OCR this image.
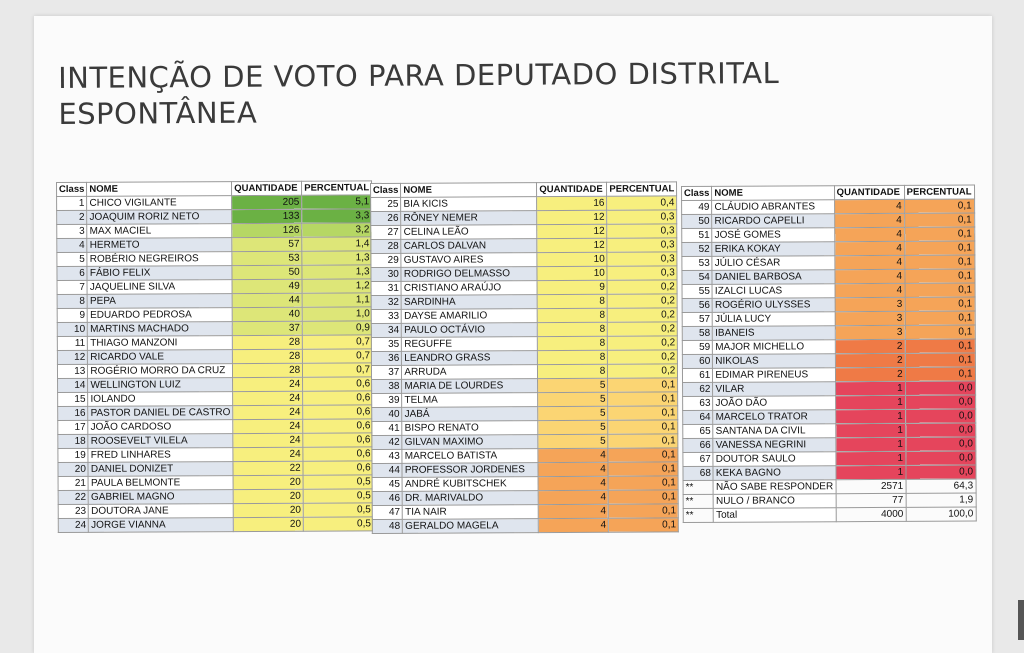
INTENÇÃO DE VOTO PARA DEPUTADO DISTRITAL
ESPONTÂNEA
Class	NOME	QUANTIDADE	PERCENTUAL
1	CHICO VIGILANTE	205	5,1
2	JOAQUIM RORIZ NETO	133	3,3
3	MAX MACIEL	126	3,2
4	HERMETO	57	1,4
5	ROBÉRIO NEGREIROS	53	1,3
6	FÁBIO FELIX	50	1,3
7	JAQUELINE SILVA	49	1,2
8	PEPA	44	1,1
9	EDUARDO PEDROSA	40	1,0
10	MARTINS MACHADO	37	0,9
11	THIAGO MANZONI	28	0,7
12	RICARDO VALE	28	0,7
13	ROGÉRIO MORRO DA CRUZ	28	0,7
14	WELLINGTON LUIZ	24	0,6
15	IOLANDO	24	0,6
16	PASTOR DANIEL DE CASTRO	24	0,6
17	JOÃO CARDOSO	24	0,6
18	ROOSEVELT VILELA	24	0,6
19	FRED LINHARES	24	0,6
20	DANIEL DONIZET	22	0,6
21	PAULA BELMONTE	20	0,5
22	GABRIEL MAGNO	20	0,5
23	DOUTORA JANE	20	0,5
24	JORGE VIANNA	20	0,5
Class	NOME	QUANTIDADE	PERCENTUAL
25	BIA KICIS	16	0,4
26	RÔNEY NEMER	12	0,3
27	CELINA LEÃO	12	0,3
28	CARLOS DALVAN	12	0,3
29	GUSTAVO AIRES	10	0,3
30	RODRIGO DELMASSO	10	0,3
31	CRISTIANO ARAÚJO	9	0,2
32	SARDINHA	8	0,2
33	DAYSE AMARILIO	8	0,2
34	PAULO OCTÁVIO	8	0,2
35	REGUFFE	8	0,2
36	LEANDRO GRASS	8	0,2
37	ARRUDA	8	0,2
38	MARIA DE LOURDES	5	0,1
39	TELMA	5	0,1
40	JABÁ	5	0,1
41	BISPO RENATO	5	0,1
42	GILVAN MAXIMO	5	0,1
43	MARCELO BATISTA	4	0,1
44	PROFESSOR JORDENES	4	0,1
45	ANDRÉ KUBITSCHEK	4	0,1
46	DR. MARIVALDO	4	0,1
47	TIA NAIR	4	0,1
48	GERALDO MAGELA	4	0,1
Class	NOME	QUANTIDADE	PERCENTUAL
49	CLÁUDIO ABRANTES	4	0,1
50	RICARDO CAPELLI	4	0,1
51	JOSÉ GOMES	4	0,1
52	ERIKA KOKAY	4	0,1
53	JÚLIO CÉSAR	4	0,1
54	DANIEL BARBOSA	4	0,1
55	IZALCI LUCAS	4	0,1
56	ROGÉRIO ULYSSES	3	0,1
57	JÚLIA LUCY	3	0,1
58	IBANEIS	3	0,1
59	MAJOR MICHELLO	2	0,1
60	NIKOLAS	2	0,1
61	EDIMAR PIRENEUS	2	0,1
62	VILAR	1	0,0
63	JOÃO DÃO	1	0,0
64	MARCELO TRATOR	1	0,0
65	SANTANA DA CIVIL	1	0,0
66	VANESSA NEGRINI	1	0,0
67	DOUTOR SAULO	1	0,0
68	KEKA BAGNO	1	0,0
**	NÃO SABE RESPONDER	2571	64,3
**	NULO / BRANCO	77	1,9
**	Total	4000	100,0
